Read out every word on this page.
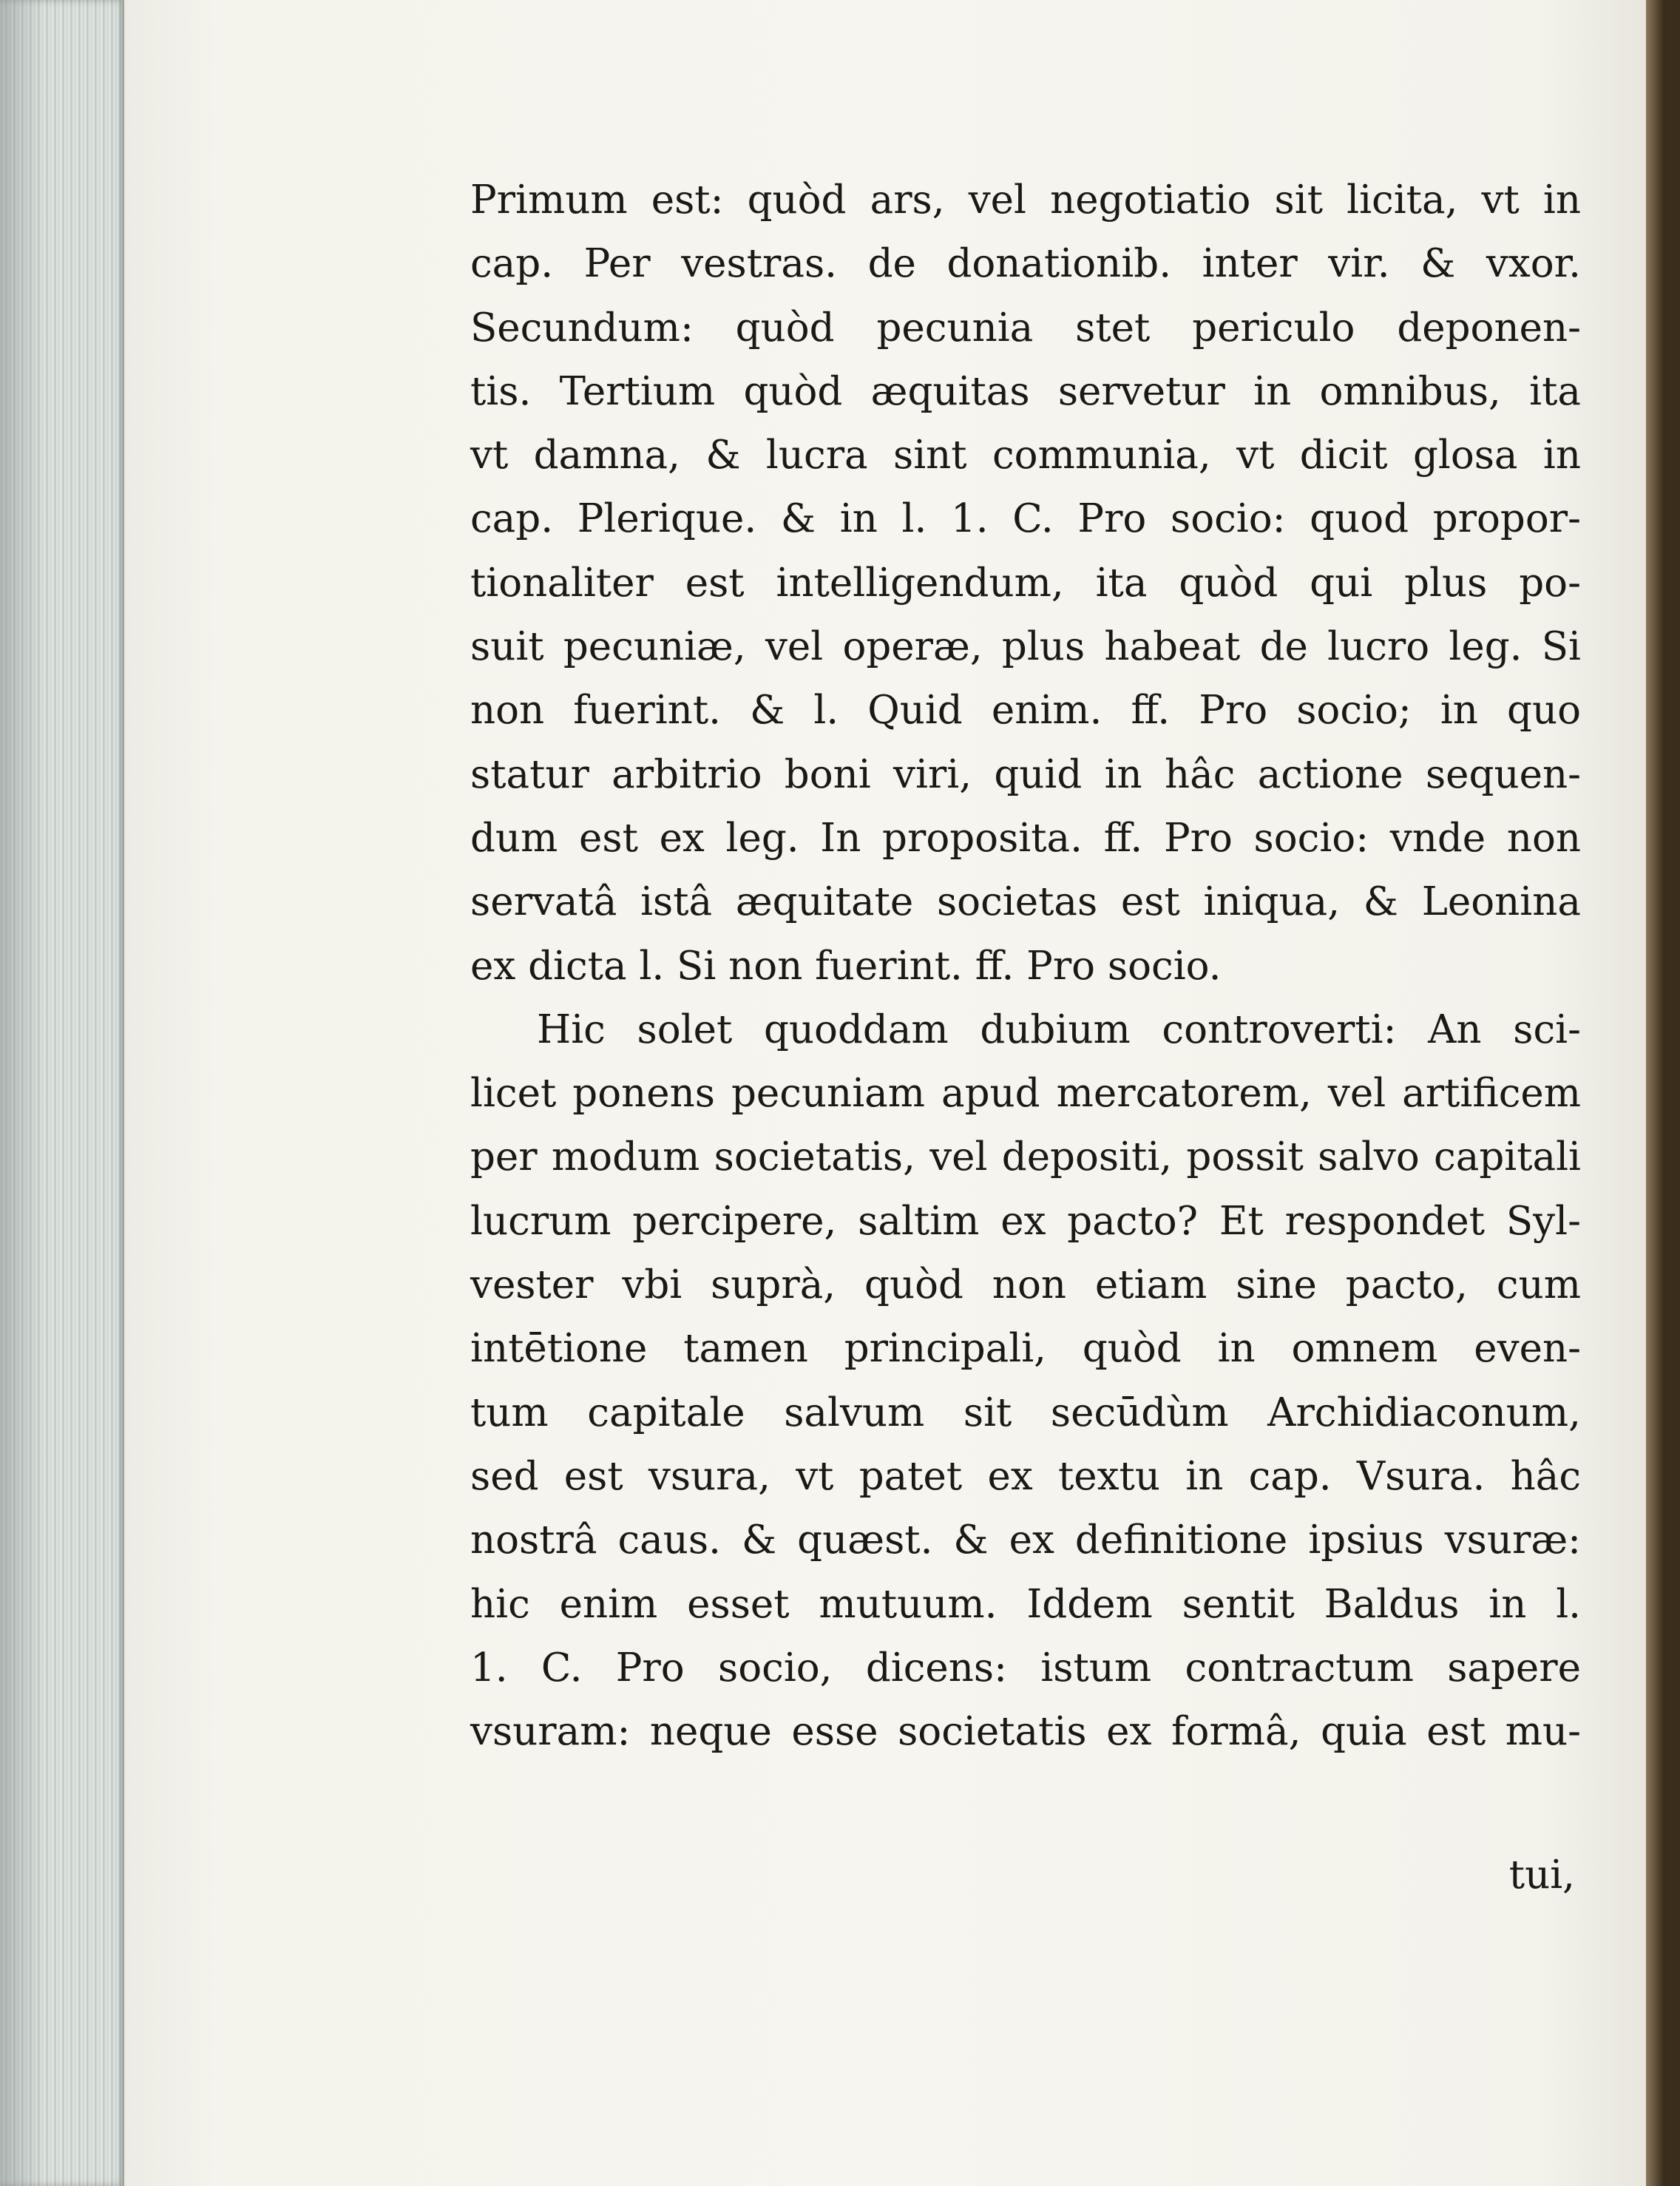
Primum est: quòd ars, vel negotiatio sit licita, vt in
cap. Per vestras. de donationib. inter vir. & vxor.
Secundum: quòd pecunia stet periculo deponen-
tis. Tertium quòd æquitas servetur in omnibus, ita
vt damna, & lucra sint communia, vt dicit glosa in
cap. Plerique. & in l. 1. C. Pro socio: quod propor-
tionaliter est intelligendum, ita quòd qui plus po-
suit pecuniæ, vel operæ, plus habeat de lucro leg. Si
non fuerint. & l. Quid enim. ff. Pro socio; in quo
statur arbitrio boni viri, quid in hâc actione sequen-
dum est ex leg. In proposita. ff. Pro socio: vnde non
servatâ istâ æquitate societas est iniqua, & Leonina
ex dicta l. Si non fuerint. ff. Pro socio.
Hic solet quoddam dubium controverti: An sci-
licet ponens pecuniam apud mercatorem, vel artificem
per modum societatis, vel depositi, possit salvo capitali
lucrum percipere, saltim ex pacto? Et respondet Syl-
vester vbi suprà, quòd non etiam sine pacto, cum
intētione tamen principali, quòd in omnem even-
tum capitale salvum sit secūdùm Archidiaconum,
sed est vsura, vt patet ex textu in cap. Vsura. hâc
nostrâ caus. & quæst. & ex definitione ipsius vsuræ:
hic enim esset mutuum. Iddem sentit Baldus in l.
1. C. Pro socio, dicens: istum contractum sapere
vsuram: neque esse societatis ex formâ, quia est mu-
tui,
